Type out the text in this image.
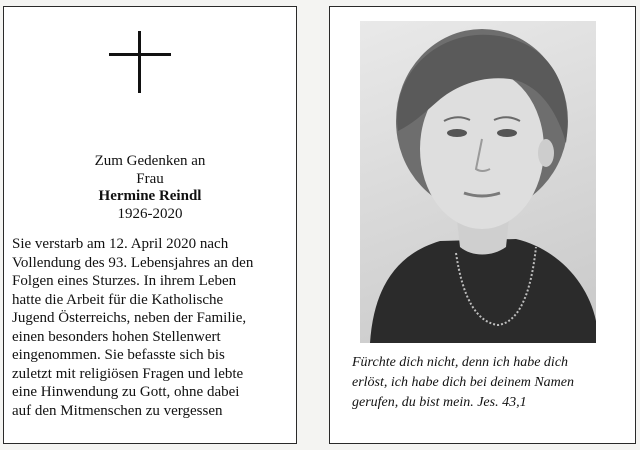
Zum Gedenken an
Frau
Hermine Reindl
1926-2020
Sie verstarb am 12. April 2020 nach
Vollendung des 93. Lebensjahres an den
Folgen eines Sturzes. In ihrem Leben
hatte die Arbeit für die Katholische
Jugend Österreichs, neben der Familie,
einen besonders hohen Stellenwert
eingenommen. Sie befasste sich bis
zuletzt mit religiösen Fragen und lebte
eine Hinwendung zu Gott, ohne dabei
auf den Mitmenschen zu vergessen
Fürchte dich nicht, denn ich habe dich
erlöst, ich habe dich bei deinem Namen
gerufen, du bist mein. Jes. 43,1
